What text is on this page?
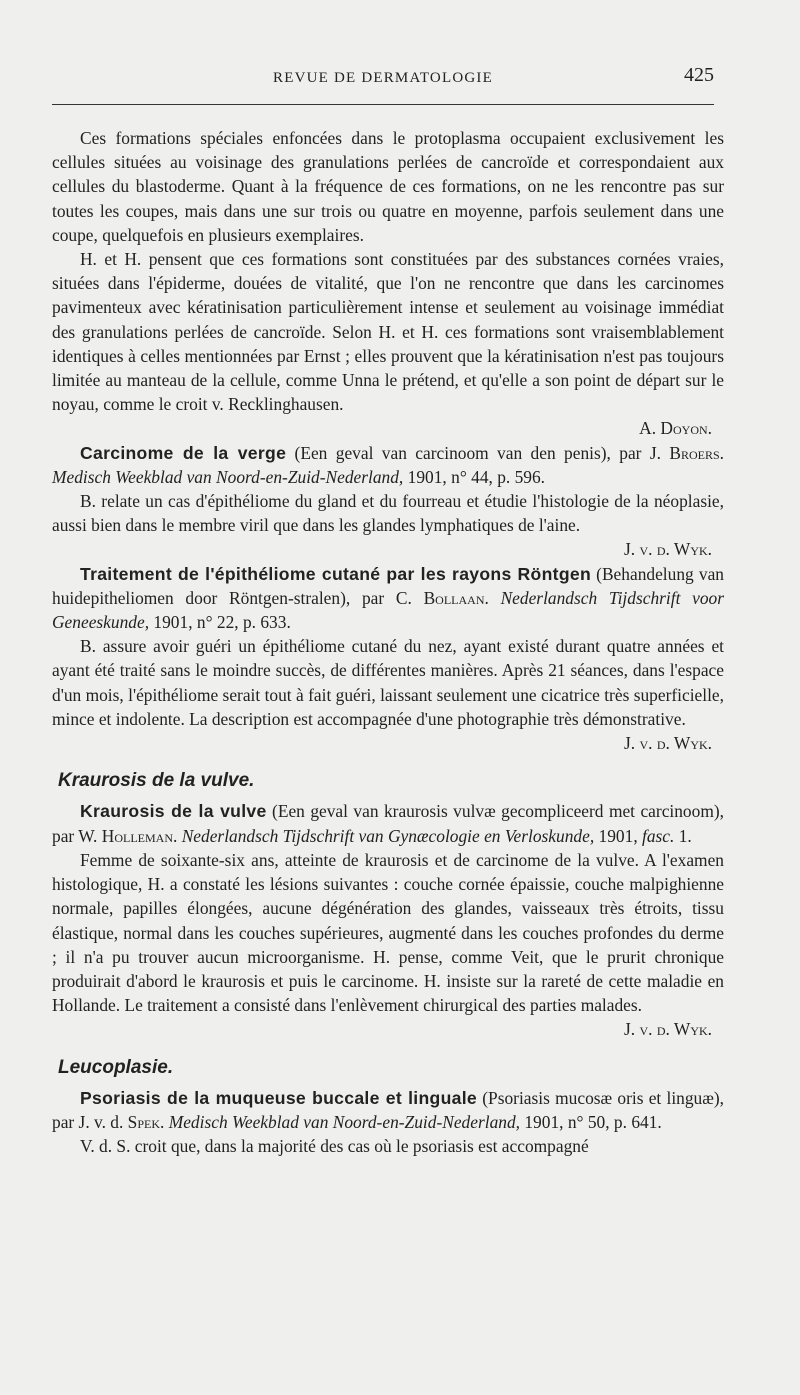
REVUE DE DERMATOLOGIE	425

Ces formations spéciales enfoncées dans le protoplasma occupaient exclusivement les cellules situées au voisinage des granulations perlées de cancroïde et correspondaient aux cellules du blastoderme. Quant à la fréquence de ces formations, on ne les rencontre pas sur toutes les coupes, mais dans une sur trois ou quatre en moyenne, parfois seulement dans une coupe, quelquefois en plusieurs exemplaires.

H. et H. pensent que ces formations sont constituées par des substances cornées vraies, situées dans l'épiderme, douées de vitalité, que l'on ne rencontre que dans les carcinomes pavimenteux avec kératinisation particulièrement intense et seulement au voisinage immédiat des granulations perlées de cancroïde. Selon H. et H. ces formations sont vraisemblablement identiques à celles mentionnées par Ernst ; elles prouvent que la kératinisation n'est pas toujours limitée au manteau de la cellule, comme Unna le prétend, et qu'elle a son point de départ sur le noyau, comme le croit v. Recklinghausen.

A. Doyon.

Carcinome de la verge (Een geval van carcinoom van den penis), par J. Broers. Medisch Weekblad van Noord-en-Zuid-Nederland, 1901, n° 44, p. 596.

B. relate un cas d'épithéliome du gland et du fourreau et étudie l'histologie de la néoplasie, aussi bien dans le membre viril que dans les glandes lymphatiques de l'aine.

J. v. d. Wyk.

Traitement de l'épithéliome cutané par les rayons Röntgen (Behandelung van huidepitheliomen door Röntgen-stralen), par C. Bollaan. Nederlandsch Tijdschrift voor Geneeskunde, 1901, n° 22, p. 633.

B. assure avoir guéri un épithéliome cutané du nez, ayant existé durant quatre années et ayant été traité sans le moindre succès, de différentes manières. Après 21 séances, dans l'espace d'un mois, l'épithéliome serait tout à fait guéri, laissant seulement une cicatrice très superficielle, mince et indolente. La description est accompagnée d'une photographie très démonstrative.

J. v. d. Wyk.

Kraurosis de la vulve.

Kraurosis de la vulve (Een geval van kraurosis vulvæ gecompliceerd met carcinoom), par W. Holleman. Nederlandsch Tijdschrift van Gynæcologie en Verloskunde, 1901, fasc. 1.

Femme de soixante-six ans, atteinte de kraurosis et de carcinome de la vulve. A l'examen histologique, H. a constaté les lésions suivantes : couche cornée épaissie, couche malpighienne normale, papilles élongées, aucune dégénération des glandes, vaisseaux très étroits, tissu élastique, normal dans les couches supérieures, augmenté dans les couches profondes du derme ; il n'a pu trouver aucun microorganisme. H. pense, comme Veit, que le prurit chronique produirait d'abord le kraurosis et puis le carcinome. H. insiste sur la rareté de cette maladie en Hollande. Le traitement a consisté dans l'enlèvement chirurgical des parties malades.

J. v. d. Wyk.

Leucoplasie.

Psoriasis de la muqueuse buccale et linguale (Psoriasis mucosæ oris et linguæ), par J. v. d. Spek. Medisch Weekblad van Noord-en-Zuid-Nederland, 1901, n° 50, p. 641.

V. d. S. croit que, dans la majorité des cas où le psoriasis est accompagné
